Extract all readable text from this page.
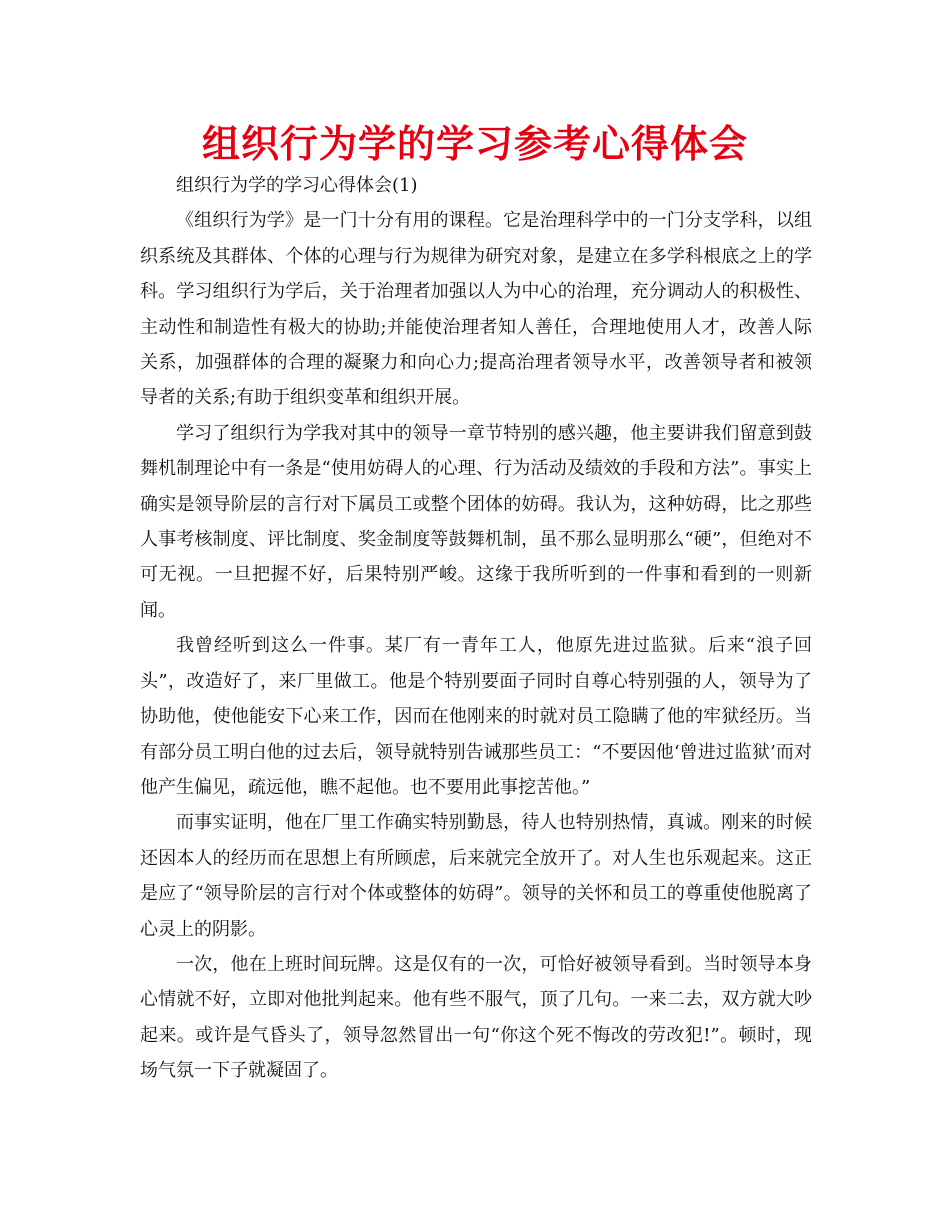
组织行为学的学习参考心得体会

组织行为学的学习心得体会(1)

《组织行为学》是一门十分有用的课程。它是治理科学中的一门分支学科，以组织系统及其群体、个体的心理与行为规律为研究对象，是建立在多学科根底之上的学科。学习组织行为学后，关于治理者加强以人为中心的治理，充分调动人的积极性、主动性和制造性有极大的协助;并能使治理者知人善任，合理地使用人才，改善人际关系，加强群体的合理的凝聚力和向心力;提高治理者领导水平，改善领导者和被领导者的关系;有助于组织变革和组织开展。

学习了组织行为学我对其中的领导一章节特别的感兴趣，他主要讲我们留意到鼓舞机制理论中有一条是“使用妨碍人的心理、行为活动及绩效的手段和方法”。事实上确实是领导阶层的言行对下属员工或整个团体的妨碍。我认为，这种妨碍，比之那些人事考核制度、评比制度、奖金制度等鼓舞机制，虽不那么显明那么“硬”，但绝对不可无视。一旦把握不好，后果特别严峻。这缘于我所听到的一件事和看到的一则新闻。

我曾经听到这么一件事。某厂有一青年工人，他原先进过监狱。后来“浪子回头”，改造好了，来厂里做工。他是个特别要面子同时自尊心特别强的人，领导为了协助他，使他能安下心来工作，因而在他刚来的时就对员工隐瞒了他的牢狱经历。当有部分员工明白他的过去后，领导就特别告诫那些员工：“不要因他‘曾进过监狱’而对他产生偏见，疏远他，瞧不起他。也不要用此事挖苦他。”

而事实证明，他在厂里工作确实特别勤恳，待人也特别热情，真诚。刚来的时候还因本人的经历而在思想上有所顾虑，后来就完全放开了。对人生也乐观起来。这正是应了“领导阶层的言行对个体或整体的妨碍”。领导的关怀和员工的尊重使他脱离了心灵上的阴影。

一次，他在上班时间玩牌。这是仅有的一次，可恰好被领导看到。当时领导本身心情就不好，立即对他批判起来。他有些不服气，顶了几句。一来二去，双方就大吵起来。或许是气昏头了，领导忽然冒出一句“你这个死不悔改的劳改犯!”。顿时，现场气氛一下子就凝固了。
